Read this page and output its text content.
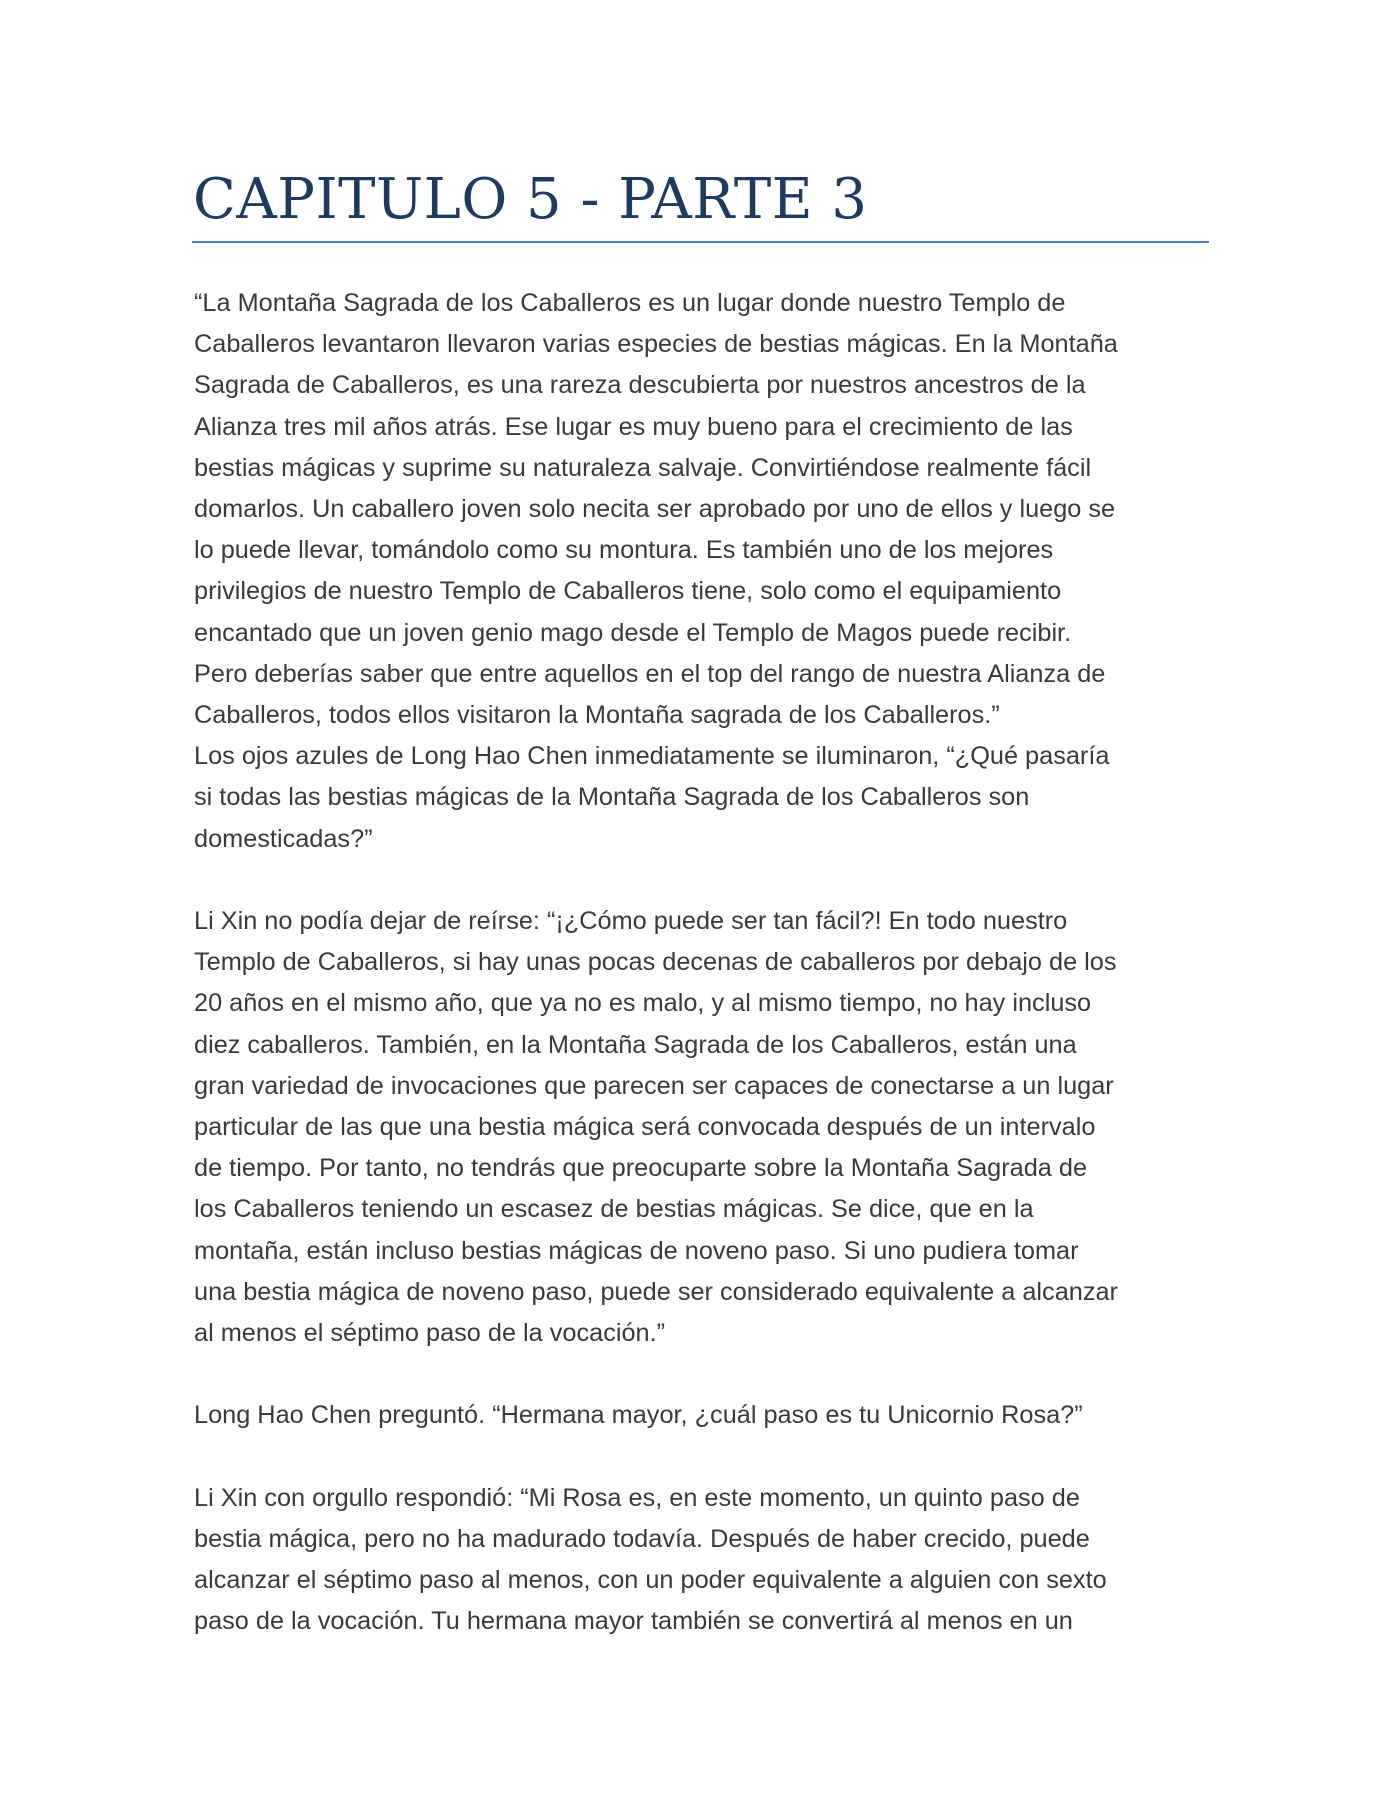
CAPITULO 5 - PARTE 3

“La Montaña Sagrada de los Caballeros es un lugar donde nuestro Templo de
Caballeros levantaron llevaron varias especies de bestias mágicas. En la Montaña
Sagrada de Caballeros, es una rareza descubierta por nuestros ancestros de la
Alianza tres mil años atrás. Ese lugar es muy bueno para el crecimiento de las
bestias mágicas y suprime su naturaleza salvaje. Convirtiéndose realmente fácil
domarlos. Un caballero joven solo necita ser aprobado por uno de ellos y luego se
lo puede llevar, tomándolo como su montura. Es también uno de los mejores
privilegios de nuestro Templo de Caballeros tiene, solo como el equipamiento
encantado que un joven genio mago desde el Templo de Magos puede recibir.
Pero deberías saber que entre aquellos en el top del rango de nuestra Alianza de
Caballeros, todos ellos visitaron la Montaña sagrada de los Caballeros.”

Los ojos azules de Long Hao Chen inmediatamente se iluminaron, “¿Qué pasaría
si todas las bestias mágicas de la Montaña Sagrada de los Caballeros son
domesticadas?”

Li Xin no podía dejar de reírse: “¡¿Cómo puede ser tan fácil?! En todo nuestro
Templo de Caballeros, si hay unas pocas decenas de caballeros por debajo de los
20 años en el mismo año, que ya no es malo, y al mismo tiempo, no hay incluso
diez caballeros. También, en la Montaña Sagrada de los Caballeros, están una
gran variedad de invocaciones que parecen ser capaces de conectarse a un lugar
particular de las que una bestia mágica será convocada después de un intervalo
de tiempo. Por tanto, no tendrás que preocuparte sobre la Montaña Sagrada de
los Caballeros teniendo un escasez de bestias mágicas. Se dice, que en la
montaña, están incluso bestias mágicas de noveno paso. Si uno pudiera tomar
una bestia mágica de noveno paso, puede ser considerado equivalente a alcanzar
al menos el séptimo paso de la vocación.”

Long Hao Chen preguntó. “Hermana mayor, ¿cuál paso es tu Unicornio Rosa?”

Li Xin con orgullo respondió: “Mi Rosa es, en este momento, un quinto paso de
bestia mágica, pero no ha madurado todavía. Después de haber crecido, puede
alcanzar el séptimo paso al menos, con un poder equivalente a alguien con sexto
paso de la vocación. Tu hermana mayor también se convertirá al menos en un
